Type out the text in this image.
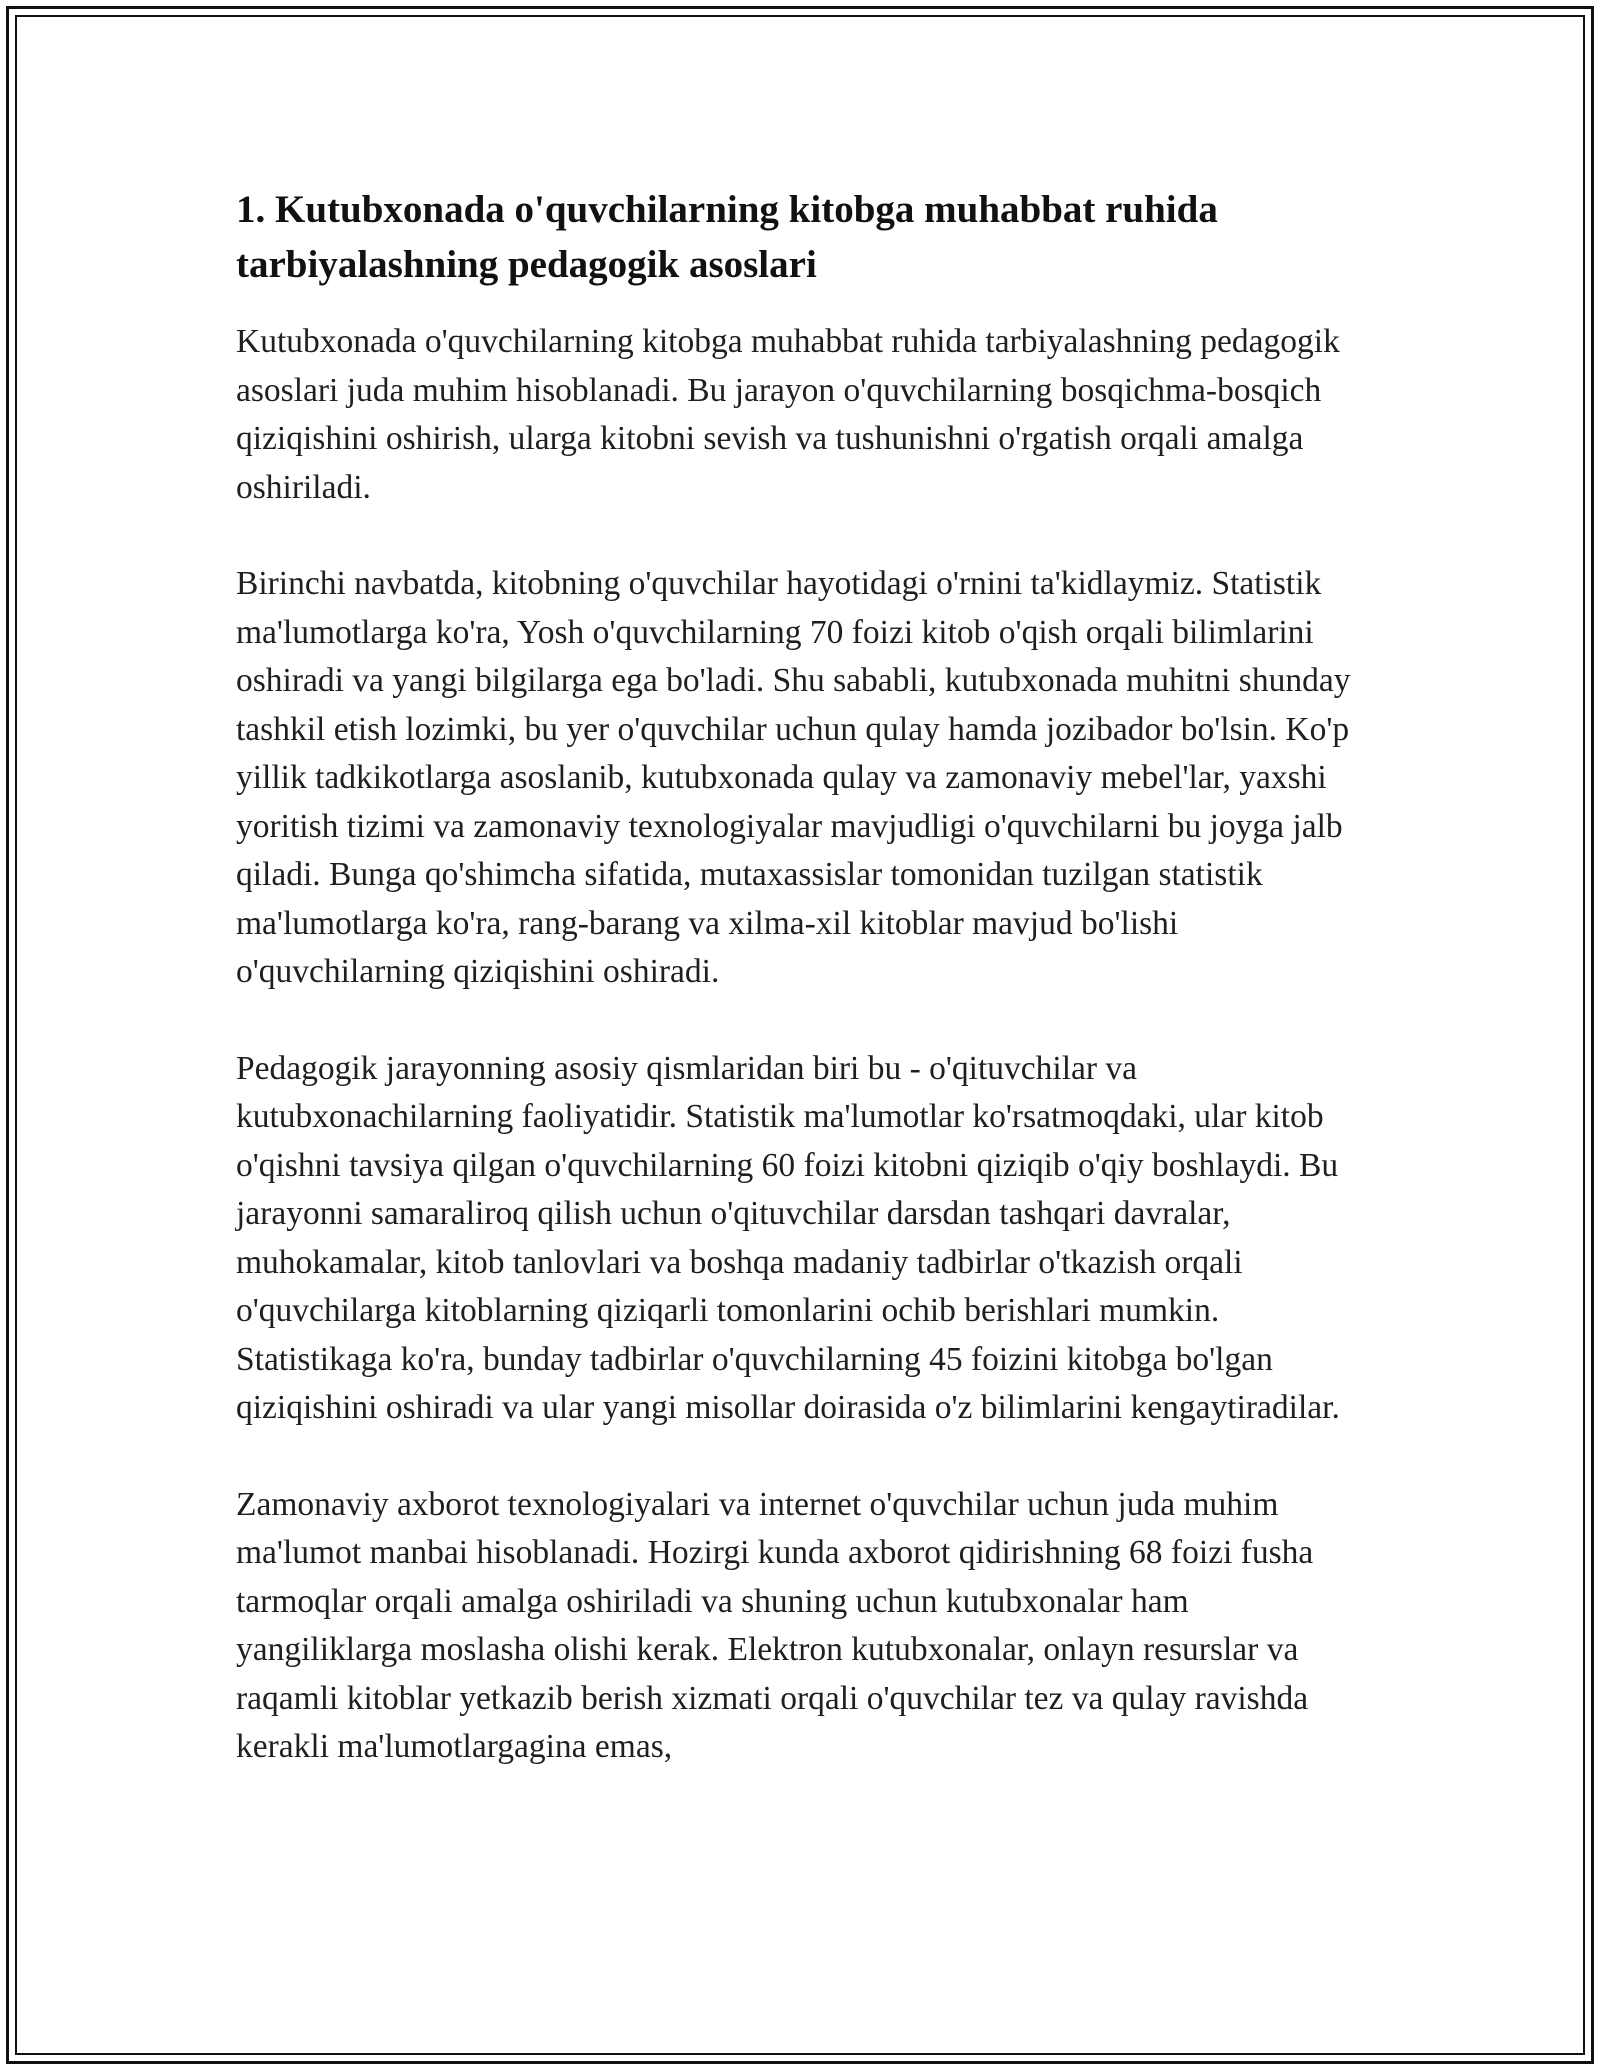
1. Kutubxonada o'quvchilarning kitobga muhabbat ruhida tarbiyalashning pedagogik asoslari

Kutubxonada o'quvchilarning kitobga muhabbat ruhida tarbiyalashning pedagogik asoslari juda muhim hisoblanadi. Bu jarayon o'quvchilarning bosqichma-bosqich qiziqishini oshirish, ularga kitobni sevish va tushunishni o'rgatish orqali amalga oshiriladi.

Birinchi navbatda, kitobning o'quvchilar hayotidagi o'rnini ta'kidlaymiz. Statistik ma'lumotlarga ko'ra, Yosh o'quvchilarning 70 foizi kitob o'qish orqali bilimlarini oshiradi va yangi bilgilarga ega bo'ladi. Shu sababli, kutubxonada muhitni shunday tashkil etish lozimki, bu yer o'quvchilar uchun qulay hamda jozibador bo'lsin. Ko'p yillik tadkikotlarga asoslanib, kutubxonada qulay va zamonaviy mebel'lar, yaxshi yoritish tizimi va zamonaviy texnologiyalar mavjudligi o'quvchilarni bu joyga jalb qiladi. Bunga qo'shimcha sifatida, mutaxassislar tomonidan tuzilgan statistik ma'lumotlarga ko'ra, rang-barang va xilma-xil kitoblar mavjud bo'lishi o'quvchilarning qiziqishini oshiradi.

Pedagogik jarayonning asosiy qismlaridan biri bu - o'qituvchilar va kutubxonachilarning faoliyatidir. Statistik ma'lumotlar ko'rsatmoqdaki, ular kitob o'qishni tavsiya qilgan o'quvchilarning 60 foizi kitobni qiziqib o'qiy boshlaydi. Bu jarayonni samaraliroq qilish uchun o'qituvchilar darsdan tashqari davralar, muhokamalar, kitob tanlovlari va boshqa madaniy tadbirlar o'tkazish orqali o'quvchilarga kitoblarning qiziqarli tomonlarini ochib berishlari mumkin. Statistikaga ko'ra, bunday tadbirlar o'quvchilarning 45 foizini kitobga bo'lgan qiziqishini oshiradi va ular yangi misollar doirasida o'z bilimlarini kengaytiradilar.

Zamonaviy axborot texnologiyalari va internet o'quvchilar uchun juda muhim ma'lumot manbai hisoblanadi. Hozirgi kunda axborot qidirishning 68 foizi fusha tarmoqlar orqali amalga oshiriladi va shuning uchun kutubxonalar ham yangiliklarga moslasha olishi kerak. Elektron kutubxonalar, onlayn resurslar va raqamli kitoblar yetkazib berish xizmati orqali o'quvchilar tez va qulay ravishda kerakli ma'lumotlargagina emas,
